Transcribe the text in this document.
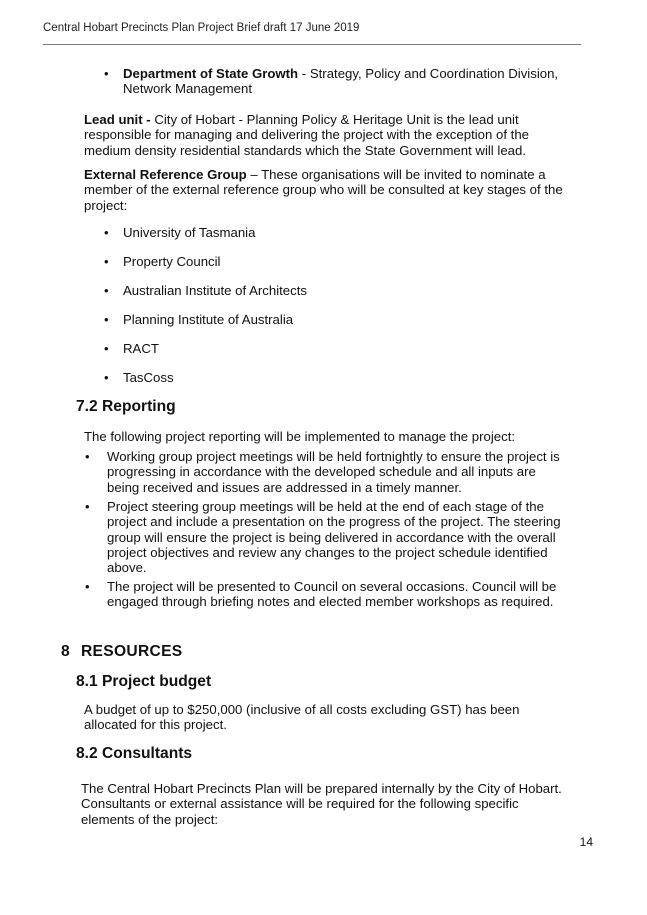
Central Hobart Precincts Plan Project Brief draft 17 June 2019
• Department of State Growth - Strategy, Policy and Coordination Division, Network Management

Lead unit - City of Hobart - Planning Policy & Heritage Unit is the lead unit responsible for managing and delivering the project with the exception of the medium density residential standards which the State Government will lead.

External Reference Group – These organisations will be invited to nominate a member of the external reference group who will be consulted at key stages of the project:

• University of Tasmania
• Property Council
• Australian Institute of Architects
• Planning Institute of Australia
• RACT
• TasCoss
7.2 Reporting

The following project reporting will be implemented to manage the project:

• Working group project meetings will be held fortnightly to ensure the project is progressing in accordance with the developed schedule and all inputs are being received and issues are addressed in a timely manner.

• Project steering group meetings will be held at the end of each stage of the project and include a presentation on the progress of the project. The steering group will ensure the project is being delivered in accordance with the overall project objectives and review any changes to the project schedule identified above.

• The project will be presented to Council on several occasions. Council will be engaged through briefing notes and elected member workshops as required.

8 RESOURCES
8.1 Project budget

A budget of up to $250,000 (inclusive of all costs excluding GST) has been allocated for this project.

8.2 Consultants

The Central Hobart Precincts Plan will be prepared internally by the City of Hobart. Consultants or external assistance will be required for the following specific elements of the project:

14
